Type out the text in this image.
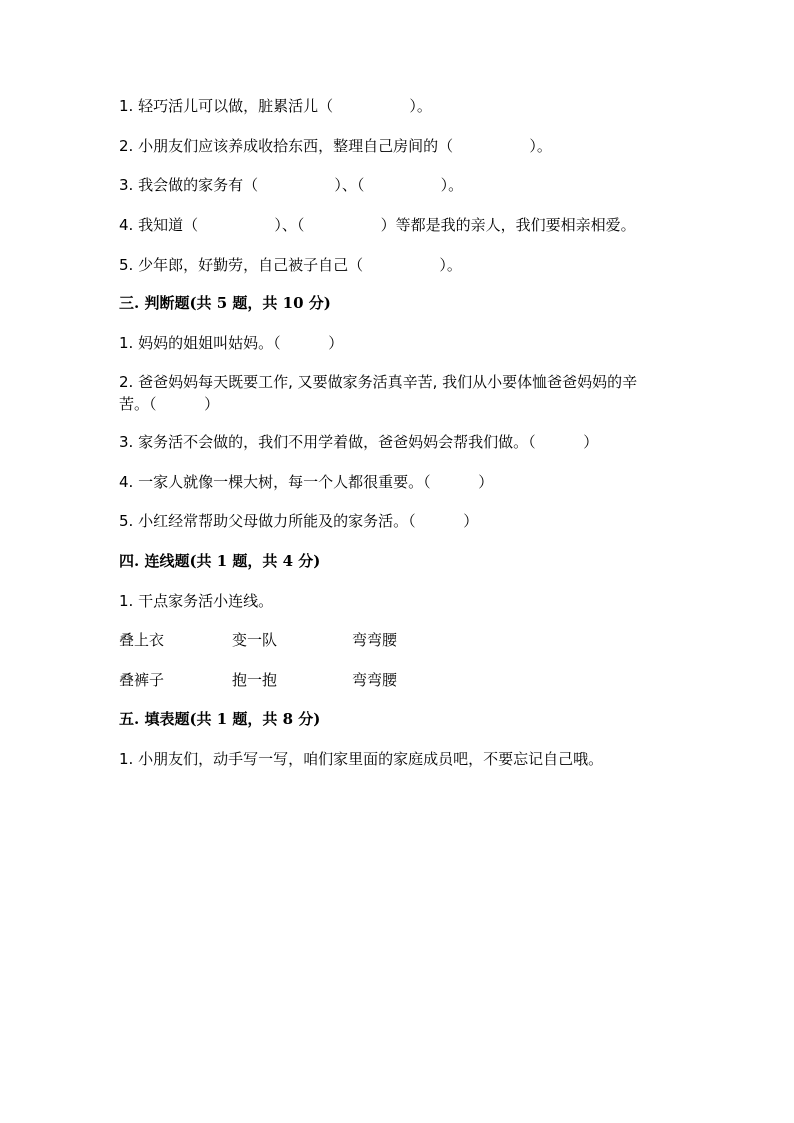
1. 轻巧活儿可以做，脏累活儿（                ）。
2. 小朋友们应该养成收拾东西，整理自己房间的（                ）。
3. 我会做的家务有（                ）、（                ）。
4. 我知道（                ）、（                ）等都是我的亲人，我们要相亲相爱。
5. 少年郎，好勤劳，自己被子自己（                ）。
三. 判断题(共 5 题，共 10 分)
1. 妈妈的姐姐叫姑妈。（          ）
2. 爸爸妈妈每天既要工作, 又要做家务活真辛苦, 我们从小要体恤爸爸妈妈的辛苦。（          ）
3. 家务活不会做的，我们不用学着做，爸爸妈妈会帮我们做。（          ）
4. 一家人就像一棵大树，每一个人都很重要。（          ）
5. 小红经常帮助父母做力所能及的家务活。（          ）
四. 连线题(共 1 题，共 4 分)
1. 干点家务活小连线。
叠上衣	变一队	弯弯腰
叠裤子	抱一抱	弯弯腰
五. 填表题(共 1 题，共 8 分)
1. 小朋友们，动手写一写，咱们家里面的家庭成员吧，不要忘记自己哦。
